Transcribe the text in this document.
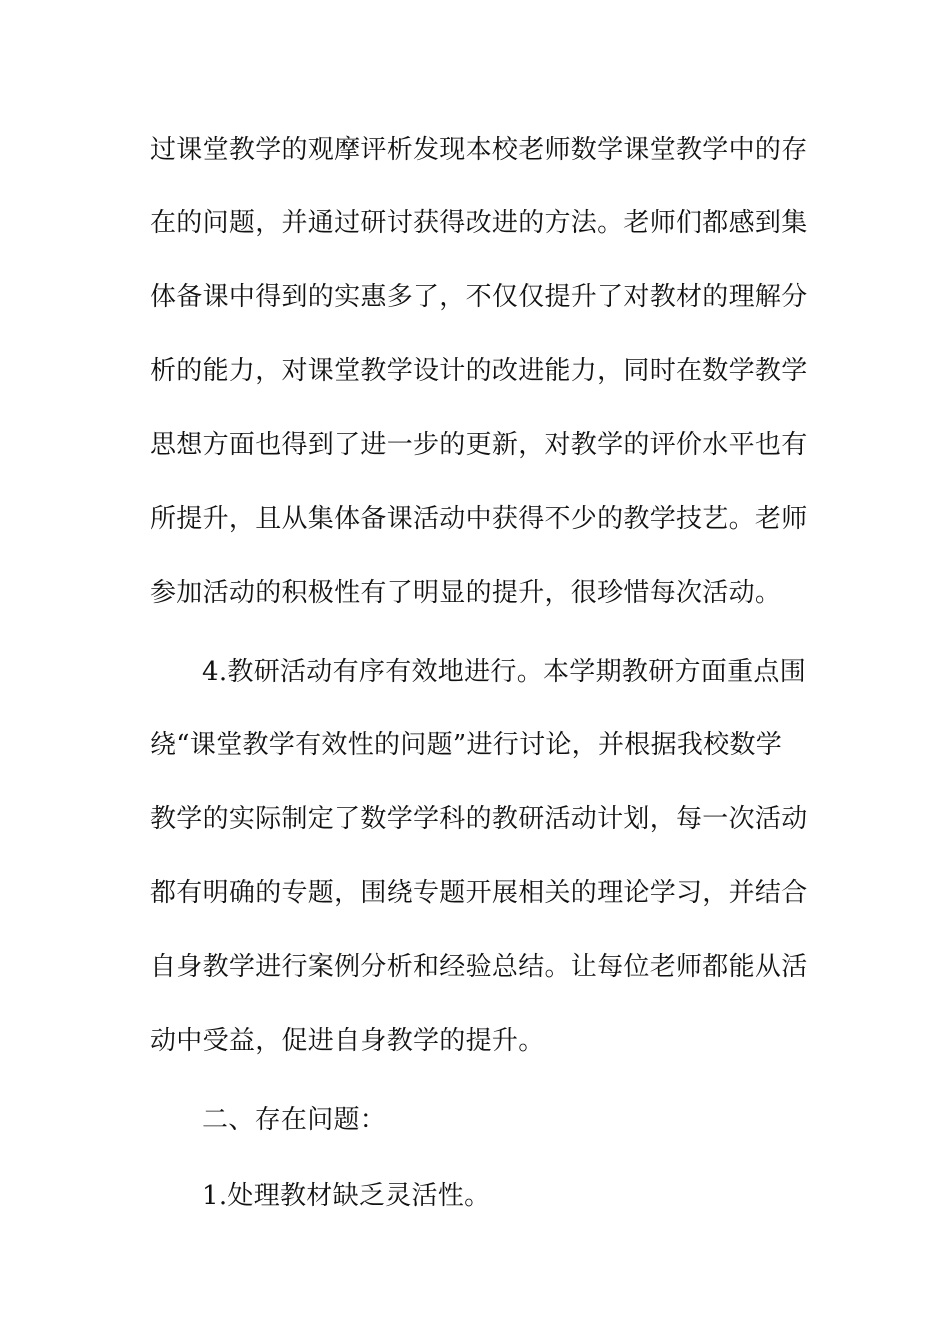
过课堂教学的观摩评析发现本校老师数学课堂教学中的存
在的问题，并通过研讨获得改进的方法。老师们都感到集
体备课中得到的实惠多了，不仅仅提升了对教材的理解分
析的能力，对课堂教学设计的改进能力，同时在数学教学
思想方面也得到了进一步的更新，对教学的评价水平也有
所提升，且从集体备课活动中获得不少的教学技艺。老师
参加活动的积极性有了明显的提升，很珍惜每次活动。
4.教研活动有序有效地进行。本学期教研方面重点围
绕“课堂教学有效性的问题”进行讨论，并根据我校数学
教学的实际制定了数学学科的教研活动计划，每一次活动
都有明确的专题，围绕专题开展相关的理论学习，并结合
自身教学进行案例分析和经验总结。让每位老师都能从活
动中受益，促进自身教学的提升。
二、存在问题：
1.处理教材缺乏灵活性。
